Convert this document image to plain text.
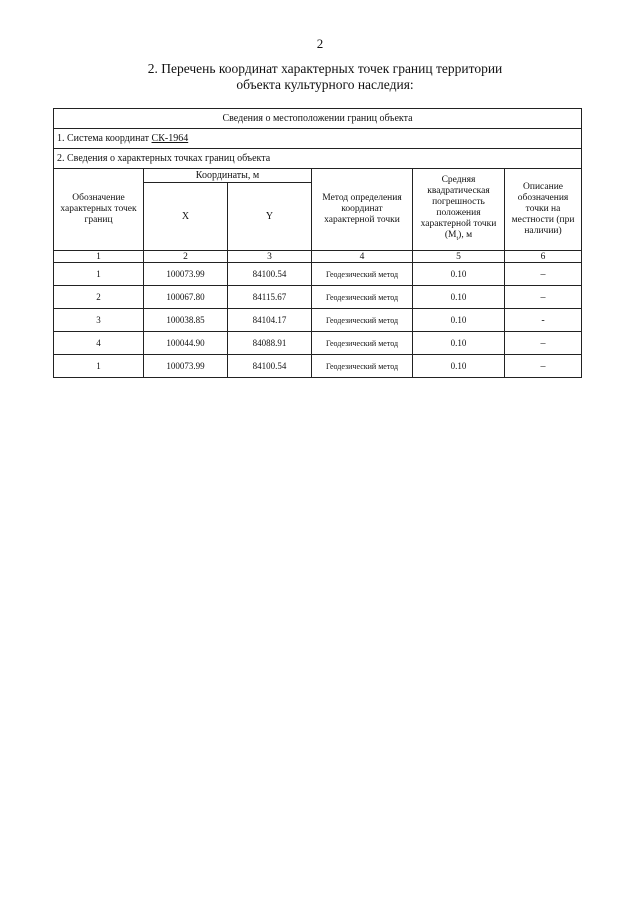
2
2. Перечень координат характерных точек границ территории
объекта культурного наследия:
Сведения о местоположении границ объекта					
1. Система координат СК-1964					
2. Сведения о характерных точках границ объекта					
Обозначение характерных точек границ	Координаты, м		Метод определения координат характерной точки	Средняя квадратическая погрешность положения характерной точки $(M_t)$, м	Описание обозначения точки на местности (при наличии)
	X	Y			
1	2	3	4	5	6
1	100073.99	84100.54	Геодезический метод	0.10	–
2	100067.80	84115.67	Геодезический метод	0.10	–
3	100038.85	84104.17	Геодезический метод	0.10	-
4	100044.90	84088.91	Геодезический метод	0.10	–
1	100073.99	84100.54	Геодезический метод	0.10	–
